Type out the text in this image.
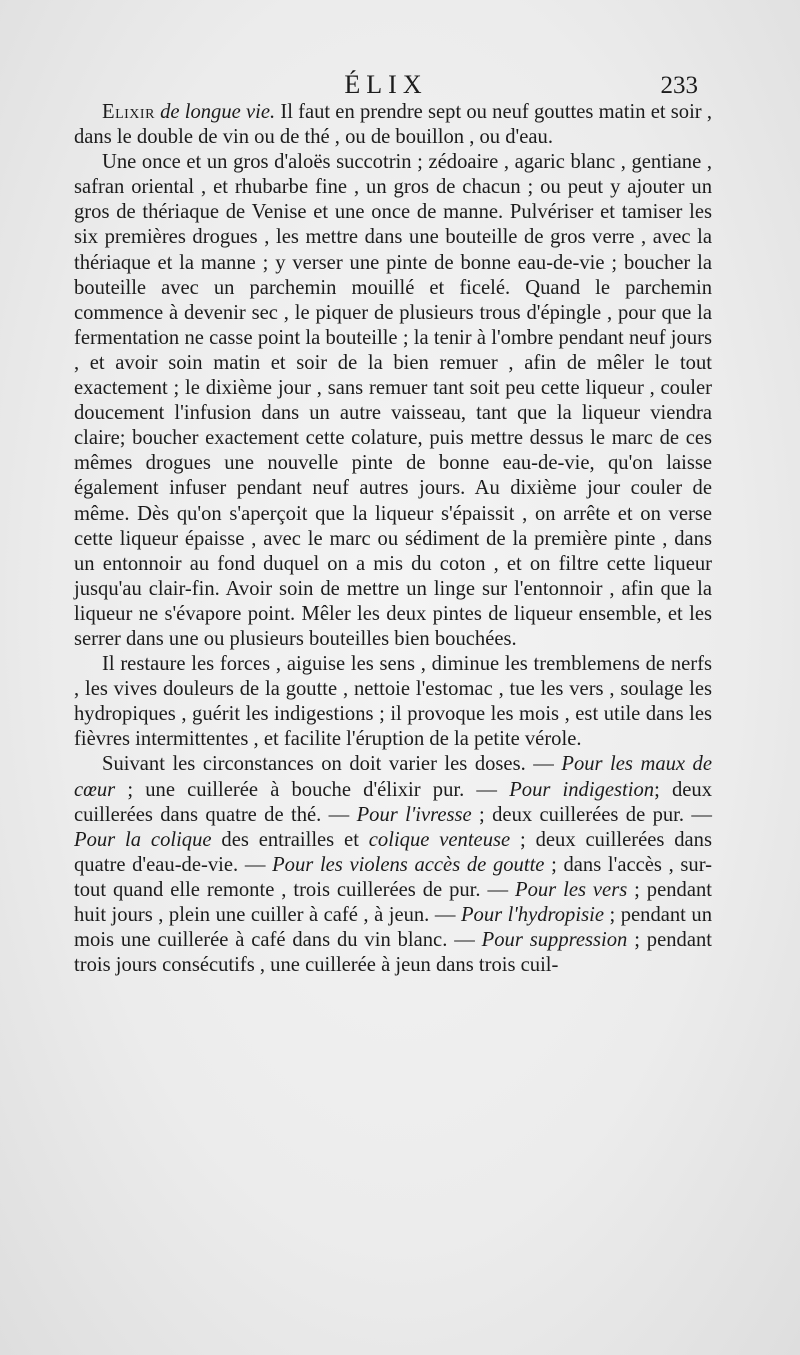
ÉLIX	233

Elixir de longue vie. Il faut en prendre sept ou neuf gouttes matin et soir , dans le double de vin ou de thé , ou de bouillon , ou d'eau.

Une once et un gros d'aloës succotrin ; zédoaire , agaric blanc , gentiane , safran oriental , et rhubarbe fine , un gros de chacun ; ou peut y ajouter un gros de thériaque de Venise et une once de manne. Pulvériser et tamiser les six premières drogues , les mettre dans une bouteille de gros verre , avec la thériaque et la manne ; y verser une pinte de bonne eau-de-vie ; boucher la bouteille avec un parchemin mouillé et ficelé. Quand le parchemin commence à devenir sec , le piquer de plusieurs trous d'épingle , pour que la fermentation ne casse point la bouteille ; la tenir à l'ombre pendant neuf jours , et avoir soin matin et soir de la bien remuer , afin de mêler le tout exactement ; le dixième jour , sans remuer tant soit peu cette liqueur , couler doucement l'infusion dans un autre vaisseau, tant que la liqueur viendra claire; boucher exactement cette colature, puis mettre dessus le marc de ces mêmes drogues une nouvelle pinte de bonne eau-de-vie, qu'on laisse également infuser pendant neuf autres jours. Au dixième jour couler de même. Dès qu'on s'aperçoit que la liqueur s'épaissit , on arrête et on verse cette liqueur épaisse , avec le marc ou sédiment de la première pinte , dans un entonnoir au fond duquel on a mis du coton , et on filtre cette liqueur jusqu'au clair-fin. Avoir soin de mettre un linge sur l'entonnoir , afin que la liqueur ne s'évapore point. Mêler les deux pintes de liqueur ensemble, et les serrer dans une ou plusieurs bouteilles bien bouchées.

Il restaure les forces , aiguise les sens , diminue les tremblemens de nerfs , les vives douleurs de la goutte , nettoie l'estomac , tue les vers , soulage les hydropiques , guérit les indigestions ; il provoque les mois , est utile dans les fièvres intermittentes , et facilite l'éruption de la petite vérole.

Suivant les circonstances on doit varier les doses. — Pour les maux de cœur ; une cuillerée à bouche d'élixir pur. — Pour indigestion; deux cuillerées dans quatre de thé. — Pour l'ivresse ; deux cuillerées de pur. — Pour la colique des entrailles et colique venteuse ; deux cuillerées dans quatre d'eau-de-vie. — Pour les violens accès de goutte ; dans l'accès , sur-tout quand elle remonte , trois cuillerées de pur. — Pour les vers ; pendant huit jours , plein une cuiller à café , à jeun. — Pour l'hydropisie ; pendant un mois une cuillerée à café dans du vin blanc. — Pour suppression ; pendant trois jours consécutifs , une cuillerée à jeun dans trois cuil-
